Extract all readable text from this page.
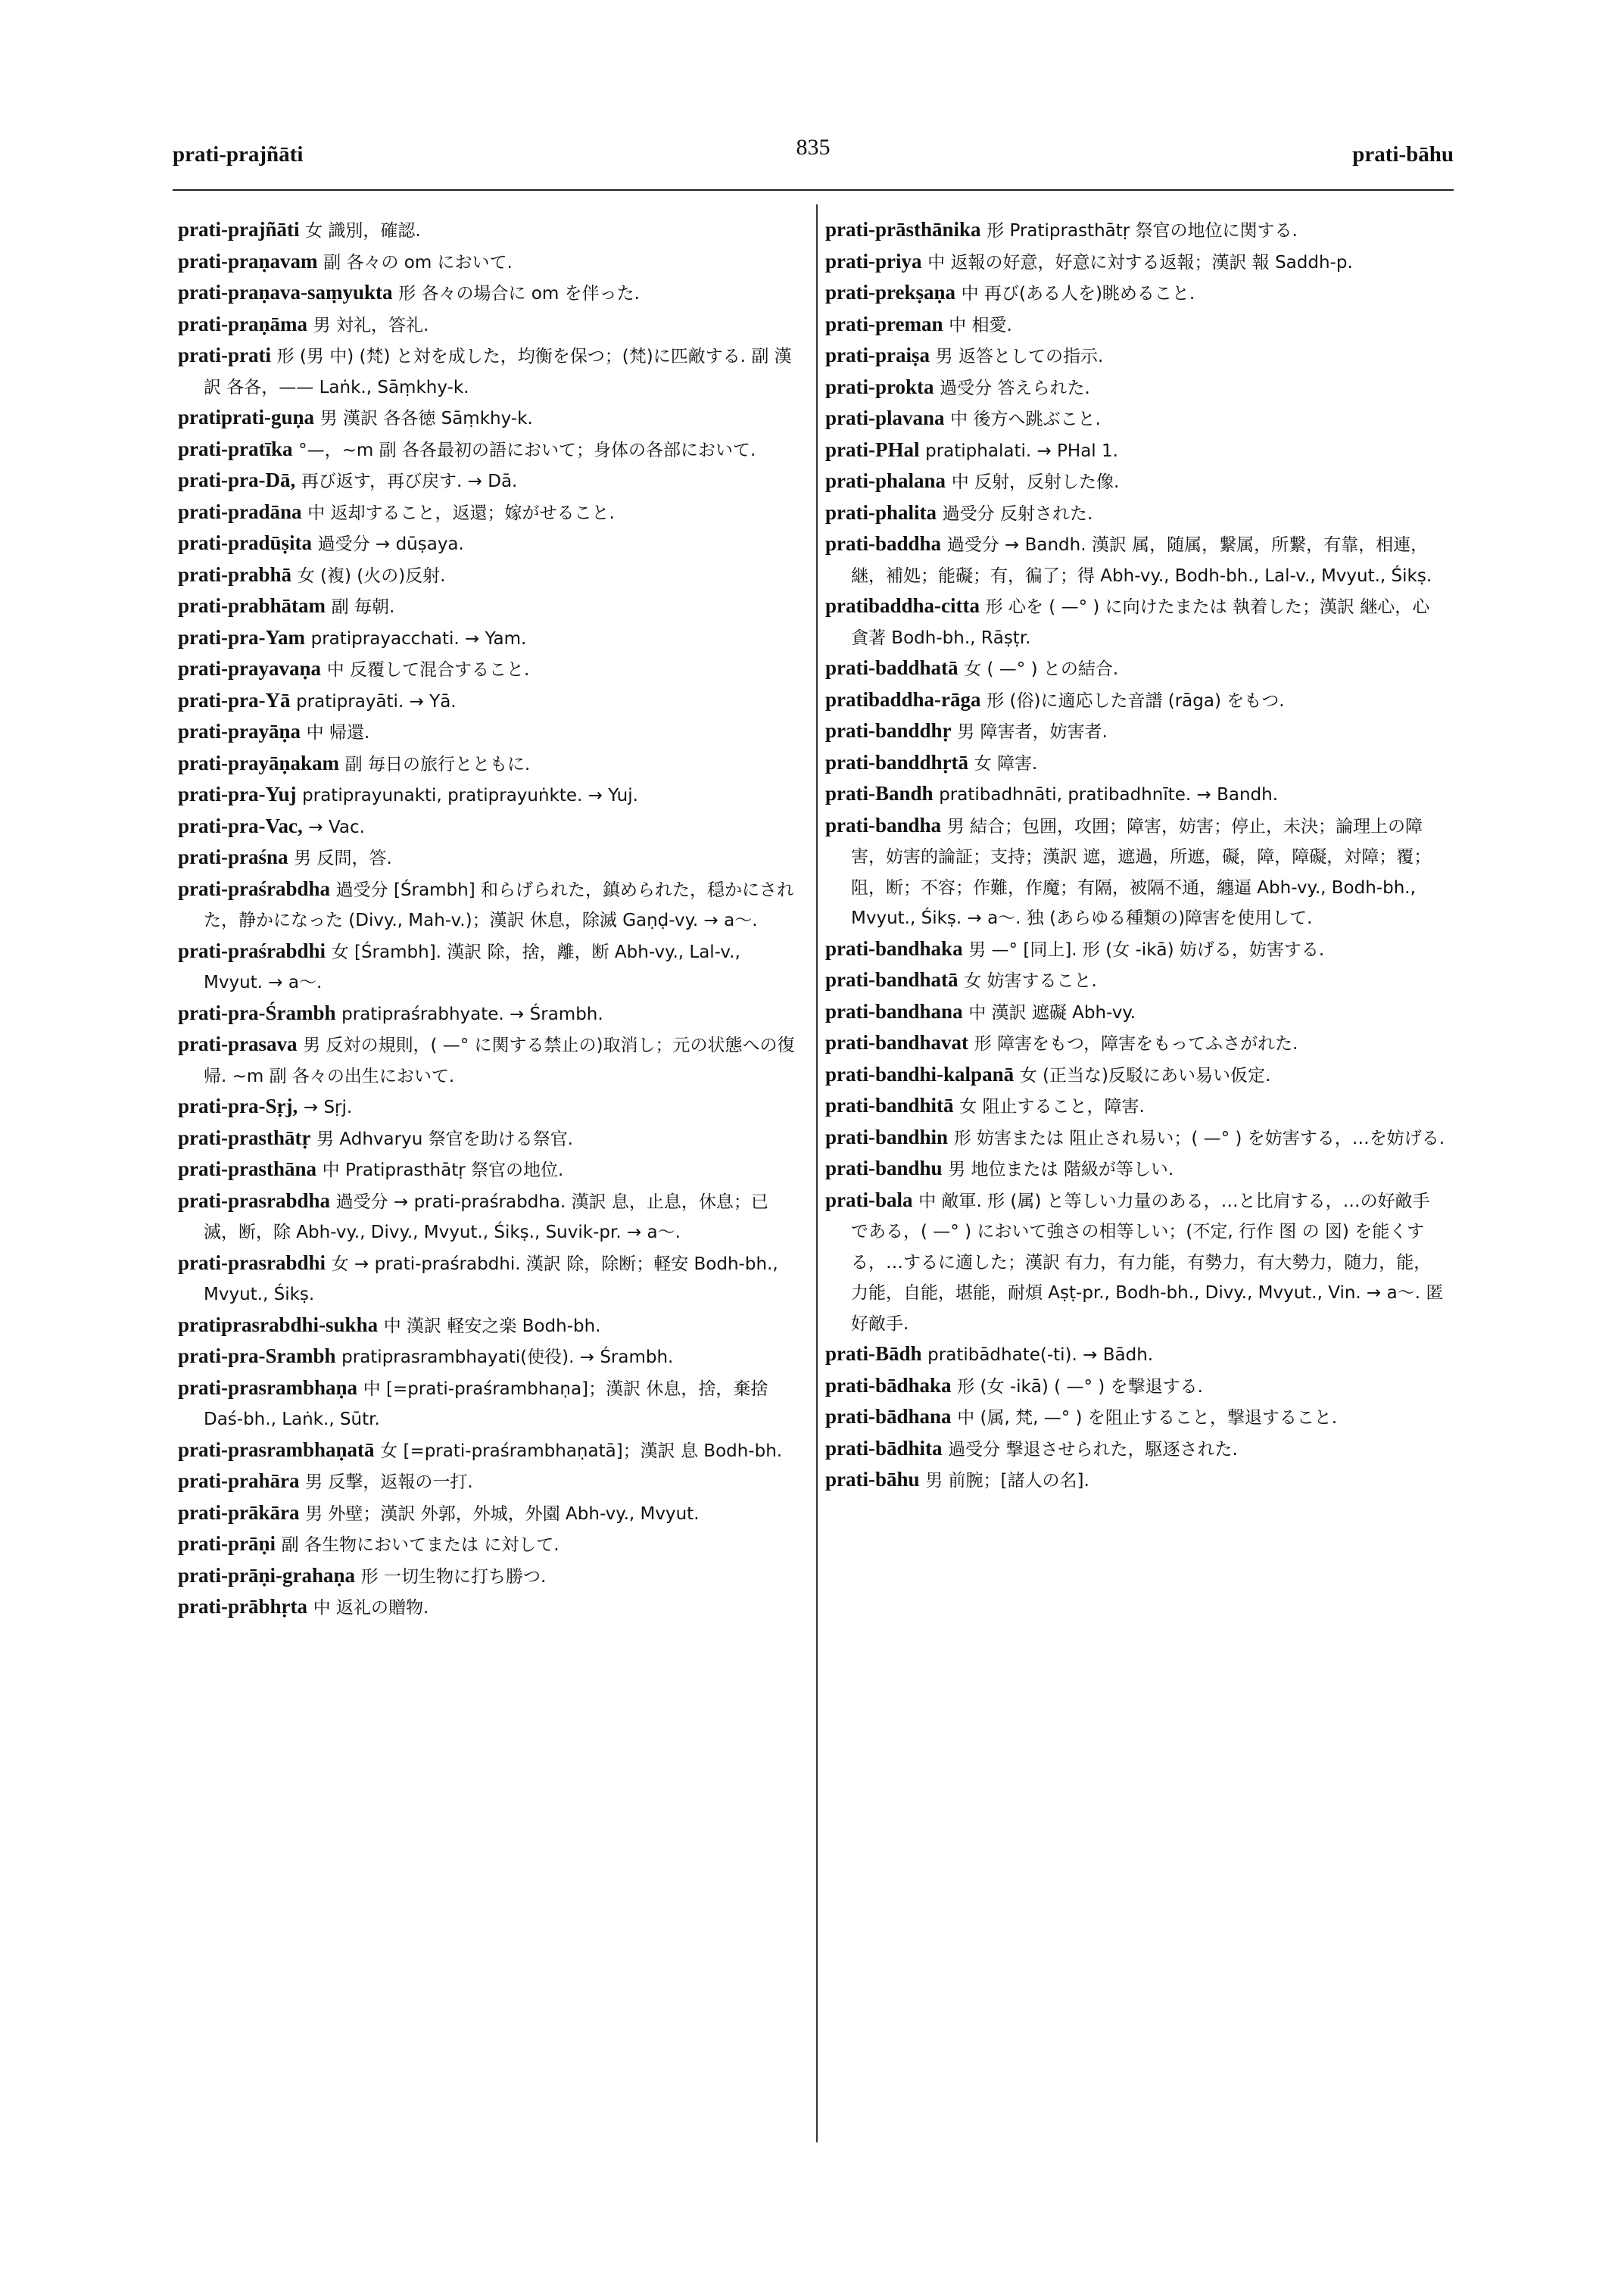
prati-prajñāti	835	prati-bāhu

prati-prajñāti 女 識別，確認.

prati-praṇavam 副 各々の om において.

prati-praṇava-saṃyukta 形 各々の場合に om を伴った.

prati-praṇāma 男 対礼，答礼.

prati-prati 形 (男 中) (梵) と対を成した，均衡を保つ；(梵)に匹敵する. 副 漢訳 各各，—— Laṅk., Sāṃkhy-k.

pratiprati-guṇa 男 漢訳 各各徳 Sāṃkhy-k.

prati-pratīka °—，~m 副 各各最初の語において；身体の各部において.

prati-pra-Dā, 再び返す，再び戻す. → Dā.

prati-pradāna 中 返却すること，返還；嫁がせること.

prati-pradūṣita 過受分 → dūṣaya.

prati-prabhā 女 (複) (火の)反射.

prati-prabhātam 副 毎朝.

prati-pra-Yam pratiprayacchati. → Yam.

prati-prayavaṇa 中 反覆して混合すること.

prati-pra-Yā pratiprayāti. → Yā.

prati-prayāṇa 中 帰還.

prati-prayāṇakam 副 毎日の旅行とともに.

prati-pra-Yuj pratiprayunakti, pratiprayuṅkte. → Yuj.

prati-pra-Vac, → Vac.

prati-praśna 男 反問，答.

prati-praśrabdha 過受分 [Śrambh] 和らげられた，鎮められた，穏かにされた，静かになった (Divy., Mah-v.)；漢訳 休息，除滅 Gaṇḍ-vy. → a～.

prati-praśrabdhi 女 [Śrambh]. 漢訳 除，捨，離，断 Abh-vy., Lal-v., Mvyut. → a～.

prati-pra-Śrambh pratipraśrabhyate. → Śrambh.

prati-prasava 男 反対の規則，( —° に関する禁止の)取消し；元の状態への復帰. ~m 副 各々の出生において.

prati-pra-Sṛj, → Sṛj.

prati-prasthātṛ 男 Adhvaryu 祭官を助ける祭官.

prati-prasthāna 中 Pratiprasthātṛ 祭官の地位.

prati-prasrabdha 過受分 → prati-praśrabdha. 漢訳 息，止息，休息；已滅，断，除 Abh-vy., Divy., Mvyut., Śikṣ., Suvik-pr. → a～.

prati-prasrabdhi 女 → prati-praśrabdhi. 漢訳 除，除断；軽安 Bodh-bh., Mvyut., Śikṣ.

pratiprasrabdhi-sukha 中 漢訳 軽安之楽 Bodh-bh.

prati-pra-Srambh pratiprasrambhayati(使役). → Śrambh.

prati-prasrambhaṇa 中 [=prati-praśrambhaṇa]；漢訳 休息，捨，棄捨 Daś-bh., Laṅk., Sūtr.

prati-prasrambhaṇatā 女 [=prati-praśrambhaṇatā]；漢訳 息 Bodh-bh.

prati-prahāra 男 反撃，返報の一打.

prati-prākāra 男 外壁；漢訳 外郭，外城，外園 Abh-vy., Mvyut.

prati-prāṇi 副 各生物においてまたは に対して.

prati-prāṇi-grahaṇa 形 一切生物に打ち勝つ.

prati-prābhṛta 中 返礼の贈物.

prati-prāsthānika 形 Pratiprasthātṛ 祭官の地位に関する.

prati-priya 中 返報の好意，好意に対する返報；漢訳 報 Saddh-p.

prati-prekṣaṇa 中 再び(ある人を)眺めること.

prati-preman 中 相愛.

prati-praiṣa 男 返答としての指示.

prati-prokta 過受分 答えられた.

prati-plavana 中 後方へ跳ぶこと.

prati-PHal pratiphalati. → PHal 1.

prati-phalana 中 反射，反射した像.

prati-phalita 過受分 反射された.

prati-baddha 過受分 → Bandh. 漢訳 属，随属，繋属，所繋，有靠，相連，継，補処；能礙；有，徧了；得 Abh-vy., Bodh-bh., Lal-v., Mvyut., Śikṣ.

pratibaddha-citta 形 心を ( —° ) に向けたまたは 執着した；漢訳 継心，心貪著 Bodh-bh., Rāṣṭr.

prati-baddhatā 女 ( —° ) との結合.

pratibaddha-rāga 形 (俗)に適応した音譜 (rāga) をもつ.

prati-banddhṛ 男 障害者，妨害者.

prati-banddhṛtā 女 障害.

prati-Bandh pratibadhnāti, pratibadhnīte. → Bandh.

prati-bandha 男 結合；包囲，攻囲；障害，妨害；停止，未決；論理上の障害，妨害的論証；支持；漢訳 遮，遮過，所遮，礙，障，障礙，対障；覆；阻，断；不容；作難，作魔；有隔，被隔不通，纏逼 Abh-vy., Bodh-bh., Mvyut., Śikṣ. → a～. 独 (あらゆる種類の)障害を使用して.

prati-bandhaka 男 —° [同上]. 形 (女 -ikā) 妨げる，妨害する.

prati-bandhatā 女 妨害すること.

prati-bandhana 中 漢訳 遮礙 Abh-vy.

prati-bandhavat 形 障害をもつ，障害をもってふさがれた.

prati-bandhi-kalpanā 女 (正当な)反駁にあい易い仮定.

prati-bandhitā 女 阻止すること，障害.

prati-bandhin 形 妨害または 阻止され易い；( —° ) を妨害する，…を妨げる.

prati-bandhu 男 地位または 階級が等しい.

prati-bala 中 敵軍. 形 (属) と等しい力量のある，…と比肩する，…の好敵手である，( —° ) において強さの相等しい；(不定, 行作 图 の 図) を能くする，…するに適した；漢訳 有力，有力能，有勢力，有大勢力，随力，能，力能，自能，堪能，耐煩 Aṣṭ-pr., Bodh-bh., Divy., Mvyut., Vin. → a～. 匿 好敵手.

prati-Bādh pratibādhate(-ti). → Bādh.

prati-bādhaka 形 (女 -ikā) ( —° ) を撃退する.

prati-bādhana 中 (属, 梵, —° ) を阻止すること，撃退すること.

prati-bādhita 過受分 撃退させられた，駆逐された.

prati-bāhu 男 前腕；[諸人の名].
